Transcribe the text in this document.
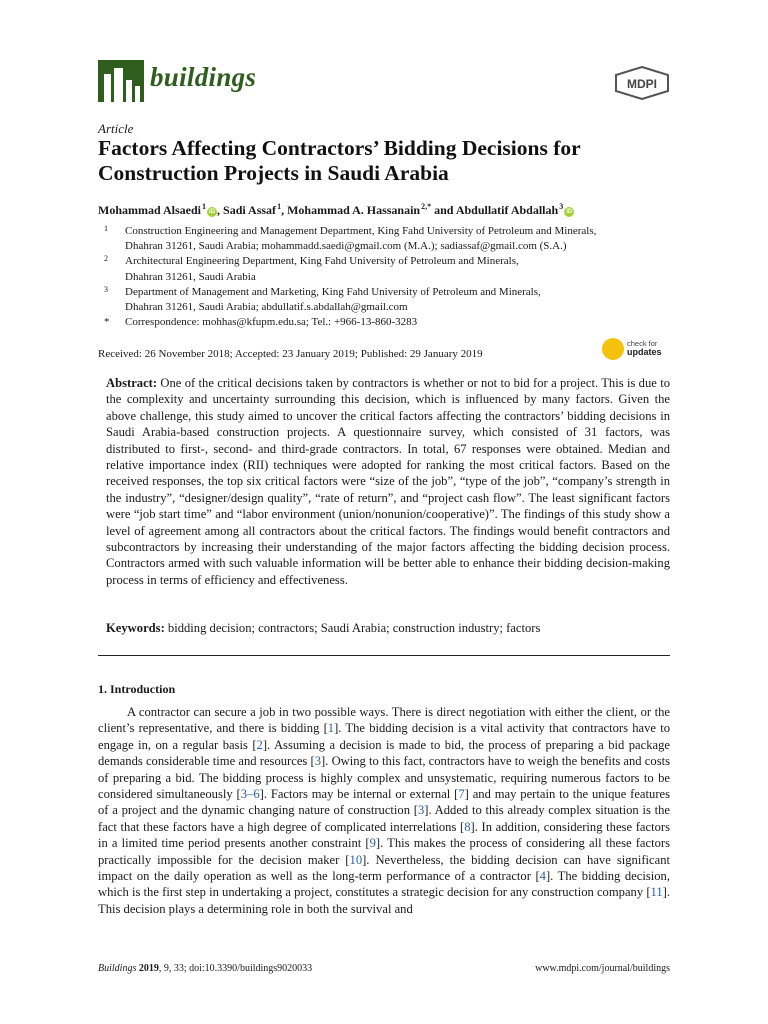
buildings	MDPI
Article
Factors Affecting Contractors’ Bidding Decisions for Construction Projects in Saudi Arabia
Mohammad Alsaedi $^1$iD , Sadi Assaf $^1$, Mohammad A. Hassanain $^{2,*}$ and Abdullatif Abdallah $^3$iD
1 Construction Engineering and Management Department, King Fahd University of Petroleum and Minerals,
Dhahran 31261, Saudi Arabia; mohammadd.saedi@gmail.com (M.A.); sadiassaf@gmail.com (S.A.)
2 Architectural Engineering Department, King Fahd University of Petroleum and Minerals,
Dhahran 31261, Saudi Arabia
3 Department of Management and Marketing, King Fahd University of Petroleum and Minerals,
Dhahran 31261, Saudi Arabia; abdullatif.s.abdallah@gmail.com
* Correspondence: mohhas@kfupm.edu.sa; Tel.: +966-13-860-3283
Received: 26 November 2018; Accepted: 23 January 2019; Published: 29 January 2019
check for
updates
Abstract: One of the critical decisions taken by contractors is whether or not to bid for a project. This is due to the complexity and uncertainty surrounding this decision, which is influenced by many factors. Given the above challenge, this study aimed to uncover the critical factors affecting the contractors’ bidding decisions in Saudi Arabia-based construction projects. A questionnaire survey, which consisted of 31 factors, was distributed to first-, second- and third-grade contractors. In total, 67 responses were obtained. Median and relative importance index (RII) techniques were adopted for ranking the most critical factors. Based on the received responses, the top six critical factors were “size of the job”, “type of the job”, “company’s strength in the industry”, “designer/design quality”, “rate of return”, and “project cash flow”. The least significant factors were “job start time” and “labor environment (union/nonunion/cooperative)”. The findings of this study show a level of agreement among all contractors about the critical factors. The findings would benefit contractors and subcontractors by increasing their understanding of the major factors affecting the bidding decision process. Contractors armed with such valuable information will be better able to enhance their bidding decision-making process in terms of efficiency and effectiveness.
Keywords: bidding decision; contractors; Saudi Arabia; construction industry; factors
1. Introduction

A contractor can secure a job in two possible ways. There is direct negotiation with either the client, or the client’s representative, and there is bidding [1]. The bidding decision is a vital activity that contractors have to engage in, on a regular basis [2]. Assuming a decision is made to bid, the process of preparing a bid package demands considerable time and resources [3]. Owing to this fact, contractors have to weigh the benefits and costs of preparing a bid. The bidding process is highly complex and unsystematic, requiring numerous factors to be considered simultaneously [3–6]. Factors may be internal or external [7] and may pertain to the unique features of a project and the dynamic changing nature of construction [3]. Added to this already complex situation is the fact that these factors have a high degree of complicated interrelations [8]. In addition, considering these factors in a limited time period presents another constraint [9]. This makes the process of considering all these factors practically impossible for the decision maker [10]. Nevertheless, the bidding decision can have significant impact on the daily operation as well as the long-term performance of a contractor [4]. The bidding decision, which is the first step in undertaking a project, constitutes a strategic decision for any construction company [11]. This decision plays a determining role in both the survival and

Buildings 2019, 9, 33; doi:10.3390/buildings9020033	www.mdpi.com/journal/buildings
